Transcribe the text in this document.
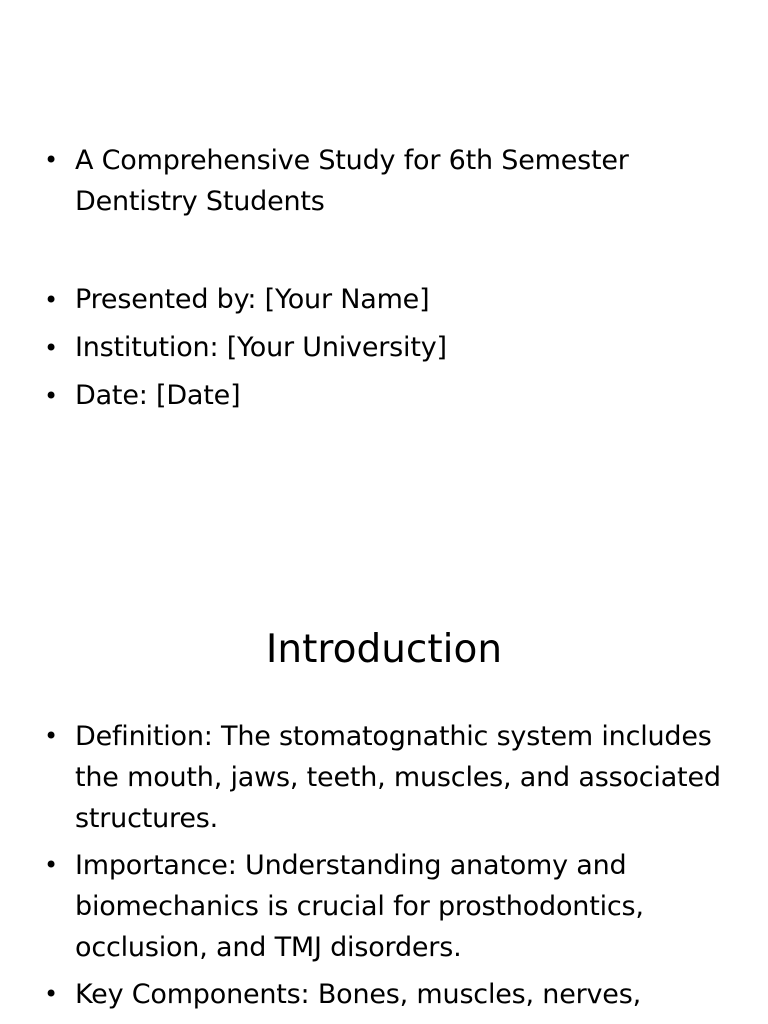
• A Comprehensive Study for 6th Semester Dentistry Students
• Presented by: [Your Name]
• Institution: [Your University]
• Date: [Date]
Introduction
• Definition: The stomatognathic system includes the mouth, jaws, teeth, muscles, and associated structures.
• Importance: Understanding anatomy and biomechanics is crucial for prosthodontics, occlusion, and TMJ disorders.
• Key Components: Bones, muscles, nerves,
